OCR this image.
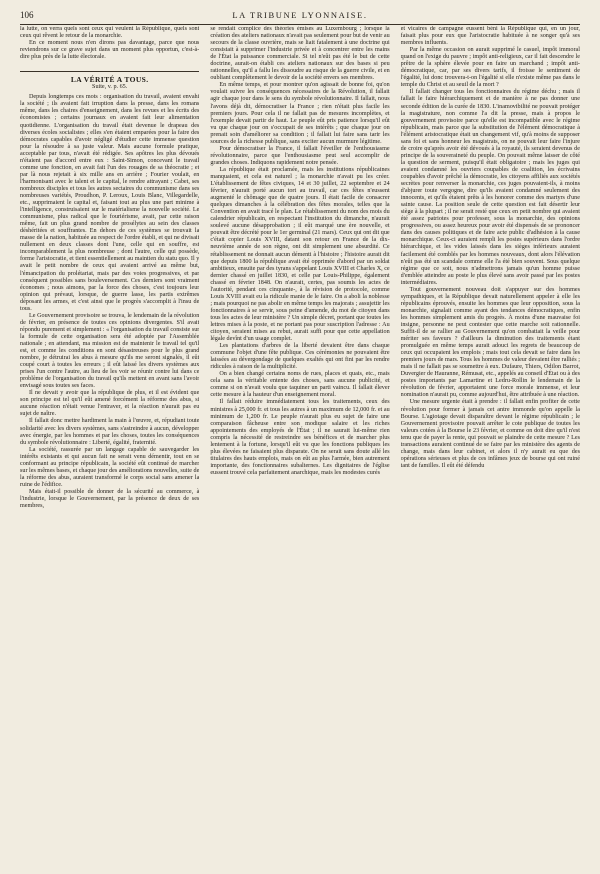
106	LA TRIBUNE LYONNAISE.

la lutte, on verra quels sont ceux qui veulent la République, quels sont ceux qui rêvent le retour de la monarchie.

En ce moment nous n'en dirons pas davantage, parce que nous reviendrons sur ce grave sujet dans un moment plus opportun, c'est-à-dire plus près de la lutte électorale.

LA VÉRITÉ A TOUS.
Suite, v. p. 65.

Depuis longtemps ces mots : organisation du travail, avaient envahi la société ; ils avaient fait irruption dans la presse, dans les romans même, dans les chaires d'enseignement, dans les revues et les écrits des économistes ; certains journaux en avaient fait leur alimentation quotidienne. L'organisation du travail était devenue le drapeau des diverses écoles socialistes ; elles s'en étaient emparées pour la faire des démocrates capables d'avoir négligé d'étudier cette immense question pour la résoudre à sa juste valeur. Mais aucune formule pratique, acceptable par tous, n'avait été rédigée. Ses apôtres les plus dévoués n'étaient pas d'accord entre eux : Saint-Simon, concevant le travail comme une fonction, en avait fait l'un des rouages de sa théocratie ; et par là nous rejetait à six mille ans en arrière ; Fourier voulait, en l'harmonisant avec le talent et le capital, le rendre attrayant ; Cabet, ses nombreux disciples et tous les autres sectaires du communisme dans ses nombreuses variétés, Proudhon, P. Leroux, Louis Blanc, Villegardelle, etc., supprimaient le capital et, faisant tout au plus une part minime à l'intelligence, construisaient sur le matérialisme la nouvelle société. Le communisme, plus radical que le fouriérisme, avait, par cette raison même, fait un plus grand nombre de prosélytes au sein des classes déshéritées et souffrantes. En dehors de ces systèmes se trouvait la masse de la nation, habituée au respect de l'ordre établi, et qui ne divisait nullement en deux classes dont l'une, celle qui en souffre, est incomparablement la plus nombreuse ; dont l'autre, celle qui possède, forme l'aristocratie, et tient essentiellement au maintien du statu quo. Il y avait le petit nombre de ceux qui avaient arrivé au même but, l'émancipation du prolétariat, mais par des voies progressives, et par conséquent possibles sans bouleversement. Ces derniers sont vraiment économes ; nous aimons, par la force des choses, c'est toujours leur opinion qui prévaut, lorsque, de guerre lasse, les partis extrêmes déposant les armes, et c'est ainsi que le progrès s'accomplit à l'insu de tous.

Le Gouvernement provisoire se trouva, le lendemain de la révolution de février, en présence de toutes ces opinions divergentes. S'il avait répondu purement et simplement : « l'organisation du travail consiste sur la formule de cette organisation sera été adoptée par l'Assemblée nationale ; en attendant, ma mission est de maintenir le travail tel qu'il est, et comme les conditions en sont désastreuses pour le plus grand nombre, je détruirai les abus à mesure qu'ils me seront signalés, il eût coupé court à toutes les erreurs ; il eût laissé les divers systèmes aux prises l'un contre l'autre, au lieu de les voir se réunir contre lui dans ce problème de l'organisation du travail qu'ils mettent en avant sans l'avoir envisagé sous toutes ses faces.

Il ne devait y avoir que la république de plus, et il est évident que son principe est tel qu'il eût amené forcément la réforme des abus, si aucune réaction n'était venue l'entraver, et la réaction n'aurait pas eu sujet de naître.

Il fallait donc mettre hardiment la main à l'œuvre, et, répudiant toute solidarité avec les divers systèmes, sans s'astreindre à aucun, développer avec énergie, par les hommes et par les choses, toutes les conséquences du symbole révolutionnaire : Liberté, égalité, fraternité.

La société, rassurée par un langage capable de sauvegarder les intérêts existants et qui aucun fait ne serait venu démentir, tout en se conformant au principe républicain, la société eût continué de marcher sur les mêmes bases, et chaque jour des améliorations nouvelles, suite de la réforme des abus, auraient transformé le corps social sans amener la ruine de l'édifice.

Mais était-il possible de donner de la sécurité au commerce, à l'industrie, lorsque le Gouvernement, par la présence de deux de ses membres,

se rendait complice des théories émises au Luxembourg ; lorsque la création des ateliers nationaux n'avait pas seulement pour but de venir au secours de la classe ouvrière, mais se liait fatalement à une doctrine qui consistait à supprimer l'industrie privée et à concentrer entre les mains de l'État la puissance commerciale. Si tel n'eût pas été le but de cette doctrine, aurait-on établi ces ateliers nationaux sur des bases si peu rationnelles, qu'il a fallu les dissoudre au risque de la guerre civile, et en oubliant complètement le devoir de la société envers ses membres.

En même temps, et pour montrer qu'on agissait de bonne foi, qu'on voulait suivre les conséquences nécessaires de la Révolution, il fallait agir chaque jour dans le sens du symbole révolutionnaire. Il fallait, nous l'avons déjà dit, démocratiser la France ; rien n'était plus facile les premiers jours. Pour cela il ne fallait pas de mesures incomplètes, et l'exemple devait partir de haut. Le peuple eût pris patience lorsqu'il eût vu que chaque jour on s'occupait de ses intérêts ; que chaque jour on prenait soin d'améliorer sa condition ; il fallait lui faire sans tarir les sources de la richesse publique, sans exciter aucun murmure légitime.

Pour démocratiser la France, il fallait l'éveiller de l'enthousiasme révolutionnaire, parce que l'enthousiasme peut seul accomplir de grandes choses. Indiquons rapidement notre pensée.

La république était proclamée, mais les institutions républicaines manquaient, et cela est naturel ; la monarchie n'avait pu les créer. L'établissement de fêtes civiques, 14 et 30 juillet, 22 septembre et 24 février, n'aurait porté aucun tort au travail, car ces fêtes n'eussent augmenté le chômage que de quatre jours. Il était facile de consacrer quelques dimanches à la célébration des fêtes morales, telles que la Convention en avait tracé le plan. Le rétablissement du nom des mois du calendrier républicain, en respectant l'institution du dimanche, n'aurait soulevé aucune désapprobation ; il eût marqué une ère nouvelle, et pouvait être décrété pour le 1er germinal (21 mars). Ceux qui ont dit que c'était copier Louis XVIII, datant son retour en France de la dix-neuvième année de son règne, ont dit simplement une absurdité. Ce rétablissement ne donnait aucun démenti à l'histoire ; l'histoire aurait dit que depuis 1800 la république avait été opprimée d'abord par un soldat ambitieux, ensuite par des tyrans s'appelant Louis XVIII et Charles X, ce dernier chassé en juillet 1830, et celle par Louis-Philippe, également chassé en février 1848. On n'aurait, certes, pas soumis les actes de l'autorité, pendant ces cinquante-, à la révision de protocole, comme Louis XVIII avait eu la ridicule manie de le faire. On a aboli la noblesse ; mais pourquoi ne pas abolir en même temps les majorats ; assujettir les fonctionnaires à se servir, sous peine d'amende, du mot de citoyen dans tous les actes de leur ministère ? Un simple décret, portant que toutes les lettres mises à la poste, et ne portant pas pour suscription l'adresse : Au citoyen, seraient mises au rebut, aurait suffi pour que cette appellation légale devînt d'un usage complet.

Les plantations d'arbres de la liberté devaient être dans chaque commune l'objet d'une fête publique. Ces cérémonies ne pouvaient être laissées au dévergondage de quelques exaltés qui ont fini par les rendre ridicules à raison de la multiplicité.

On a bien changé certains noms de rues, places et quais, etc., mais cela sans la véritable entente des choses, sans aucune publicité, et comme si on n'avait voulu que taquiner un parti vaincu. Il fallait élever cette mesure à la hauteur d'un enseignement moral.

Il fallait réduire immédiatement tous les traitements, ceux des ministres à 25,000 fr. et tous les autres à un maximum de 12,000 fr. et au minimum de 1,200 fr. Le peuple n'aurait plus eu sujet de faire une comparaison fâcheuse entre son modique salaire et les riches appointements des employés de l'État ; il ne saurait lui-même rien compris la nécessité de restreindre ses bénéfices et de marcher plus lentement à la fortune, lorsqu'il eût vu que les fonctions publiques les plus élevées ne faisaient plus disparate. On ne serait sans doute allé les titulaires des hauts emplois, mais on eût au plus l'armée, bien autrement importante, des fonctionnaires subalternes. Les dignitaires de l'église eussent trouvé cela parfaitement anarchique, mais les modestes curés

et vicaires de campagne eussent béni la République qui, en un jour, faisait plus pour eux que l'aristocratie habituée à ne songer qu'à ses membres influents.

Par la même occasion on aurait supprimé le casuel, impôt immoral quand on l'exige du pauvre ; impôt anti-religieux, car il fait descendre le prêtre de la sphère élevée pour en faire un marchand ; impôt anti-démocratique, car, par ses divers tarifs, il froisse le sentiment de l'égalité, lui donc trouvera-t-on l'égalité si elle n'existe même pas dans le temple du Christ et au seuil de la mort ?

Il fallait changer tous les fonctionnaires du régime déchu ; mais il fallait le faire hiérarchiquement et de manière à ne pas donner une seconde édition de la curée de 1830. L'inamovibilité ne pouvait protéger la magistrature, non comme l'a dit la presse, mais à propos le gouvernement provisoire parce qu'elle est incompatible avec le régime républicain, mais parce que la substitution de l'élément démocratique à l'élément aristocratique était un changement vif, qu'à moins de supposer sans foi et sans honneur les magistrats, on ne pouvait leur faire l'injure de croire qu'après avoir été dévoués à la royauté, ils seraient devenus de principe de la souveraineté du peuple. On pouvait même laisser de côté la question de serment, puisqu'il était obligatoire ; mais les juges qui avaient condamné les ouvriers coupables de coalition, les écrivains coupables d'avoir prêché la démocratie, les citoyens affiliés aux sociétés secrètes pour renverser la monarchie, ces juges pouvaient-ils, à moins d'abjurer toute vergogne, dire qu'ils avaient condamné seulement des innocents, et qu'ils étaient prêts à les honorer comme des martyrs d'une sainte cause. La position seule de cette question est fait désertir leur siège à la plupart ; il ne serait resté que ceux en petit nombre qui avaient été assez patriotes pour professer, sous la monarchie, des opinions progressives, ou assez heureux pour avoir été dispensés de se prononcer dans des causes politiques et de faire acte public d'adhésion à la cause monarchique. Ceux-ci auraient rempli les postes supérieurs dans l'ordre hiérarchique, et les vides laissés dans les sièges inférieurs auraient facilement été comblés par les hommes nouveaux, dont alors l'élévation n'eût pas été un scandale comme elle l'a été bien souvent. Sous quelque régime que ce soit, nous n'admettrons jamais qu'un homme puisse d'emblée atteindre au poste le plus élevé sans avoir passé par les postes intermédiaires.

Tout gouvernement nouveau doit s'appuyer sur des hommes sympathiques, et la République devait naturellement appeler à elle les républicains éprouvés, ensuite les hommes que leur opposition, sous la monarchie, signalait comme ayant des tendances démocratiques, enfin les hommes simplement amis du progrès. À moins d'une mauvaise foi insigne, personne ne peut contester que cette marche soit rationnelle. Suffit-il de se rallier au Gouvernement qu'on combattait la veille pour mériter ses faveurs ? d'ailleurs la diminution des traitements étant promulguée en même temps aurait adouci les regrets de beaucoup de ceux qui occupaient les emplois ; mais tout cela devait se faire dans les premiers jours de mars. Tous les hommes de valeur devaient être ralliés ; mais il ne fallait pas se soumettre à eux. Dufaure, Thiers, Odilon Barrot, Duvergier de Hauranne, Rémusat, etc., appelés au conseil d'État ou à des postes importants par Lamartine et Ledru-Rollin le lendemain de la révolution de février, apportaient une force morale immense, et leur nomination n'aurait pu, comme aujourd'hui, être attribuée à une réaction.

Une mesure urgente était à prendre : il fallait enfin profiter de cette révolution pour former à jamais cet antre immonde qu'on appelle la Bourse. L'agiotage devait disparaître devant le régime républicain ; le Gouvernement provisoire pouvait arrêter le cote publique de toutes les valeurs cotées à la Bourse le 23 février, et comme on doit dire qu'il n'est tenu que de payer la rente, qui pouvait se plaindre de cette mesure ? Les transactions auraient continué de se faire par les ministère des agents de change, mais dans leur cabinet, et alors il n'y aurait eu que des opérations sérieuses et plus de ces infâmes jeux de bourse qui ont ruiné tant de familles. Il eût été défendu
